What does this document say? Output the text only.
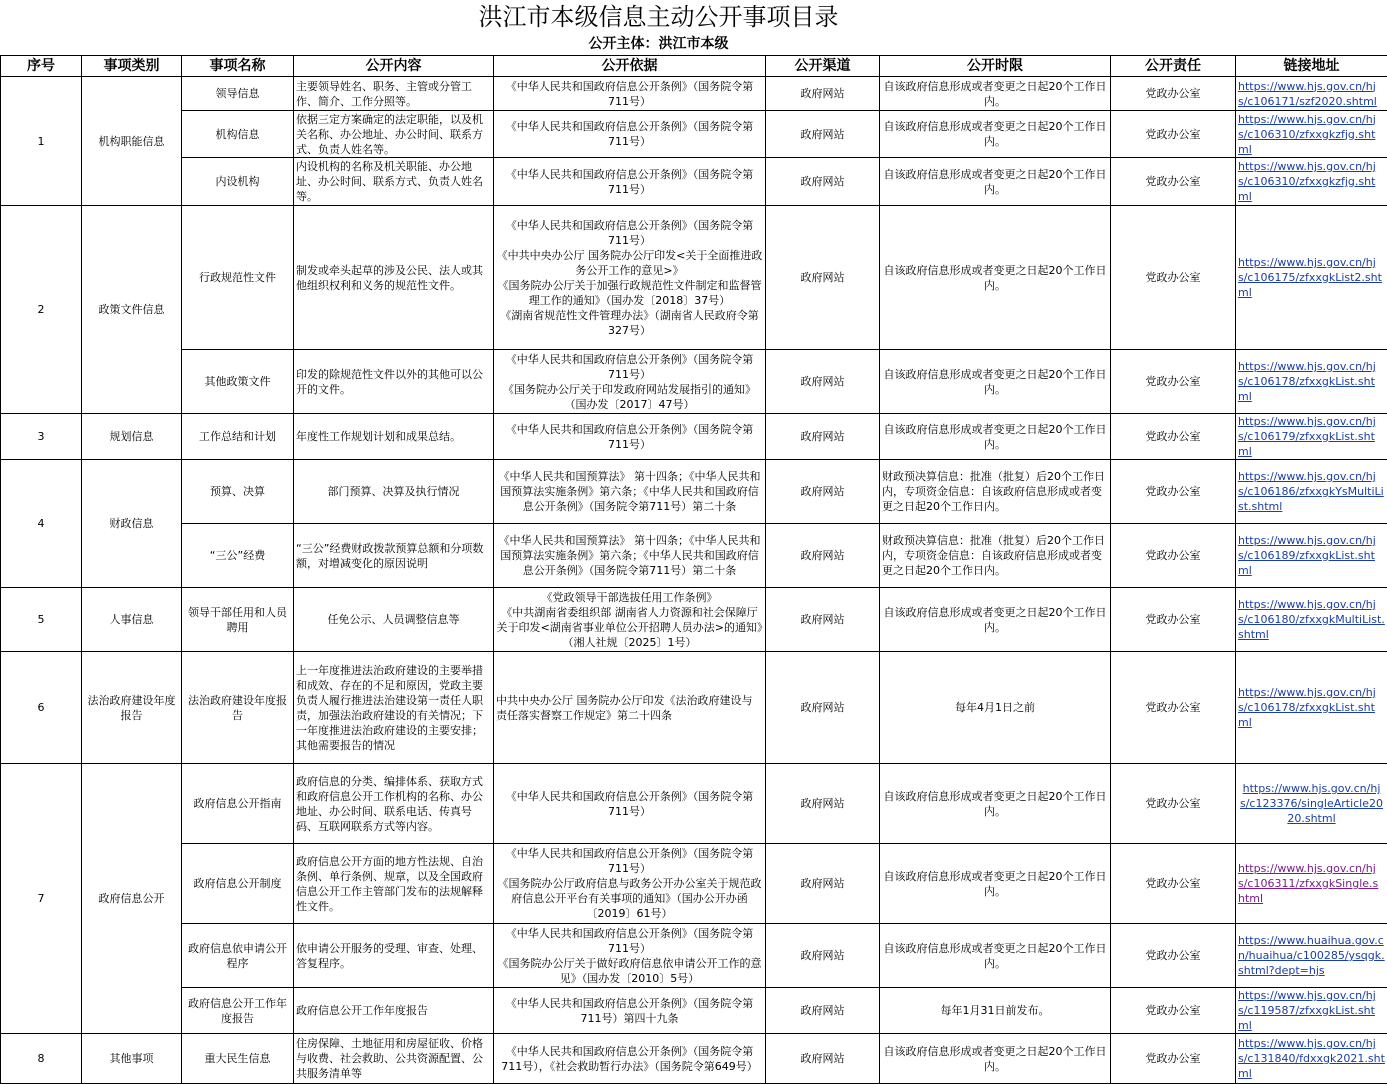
洪江市本级信息主动公开事项目录
公开主体：洪江市本级
序号	事项类别	事项名称	公开内容	公开依据	公开渠道	公开时限	公开责任	链接地址
1	机构职能信息	领导信息	主要领导姓名、职务、主管或分管工作、简介、工作分照等。	《中华人民共和国政府信息公开条例》（国务院令第711号）	政府网站	自该政府信息形成或者变更之日起20个工作日内。	党政办公室	https://www.hjs.gov.cn/hjs/c106171/szf2020.shtml
		机构信息	依据三定方案确定的法定职能，以及机关名称、办公地址、办公时间、联系方式、负责人姓名等。	《中华人民共和国政府信息公开条例》（国务院令第711号）	政府网站	自该政府信息形成或者变更之日起20个工作日内。	党政办公室	https://www.hjs.gov.cn/hjs/c106310/zfxxgkzfjg.shtml
		内设机构	内设机构的名称及机关职能、办公地址、办公时间、联系方式、负责人姓名等。	《中华人民共和国政府信息公开条例》（国务院令第711号）	政府网站	自该政府信息形成或者变更之日起20个工作日内。	党政办公室	https://www.hjs.gov.cn/hjs/c106310/zfxxgkzfjg.shtml
2	政策文件信息	行政规范性文件	制发或牵头起草的涉及公民、法人或其他组织权利和义务的规范性文件。	《中华人民共和国政府信息公开条例》（国务院令第711号）
《中共中央办公厅 国务院办公厅印发<关于全面推进政务公开工作的意见>》
《国务院办公厅关于加强行政规范性文件制定和监督管理工作的通知》（国办发〔2018〕37号）
《湖南省规范性文件管理办法》（湖南省人民政府令第327号）	政府网站	自该政府信息形成或者变更之日起20个工作日内。	党政办公室	https://www.hjs.gov.cn/hjs/c106175/zfxxgkList2.shtml
		其他政策文件	印发的除规范性文件以外的其他可以公开的文件。	《中华人民共和国政府信息公开条例》（国务院令第711号）
《国务院办公厅关于印发政府网站发展指引的通知》（国办发〔2017〕47号）	政府网站	自该政府信息形成或者变更之日起20个工作日内。	党政办公室	https://www.hjs.gov.cn/hjs/c106178/zfxxgkList.shtml
3	规划信息	工作总结和计划	年度性工作规划计划和成果总结。	《中华人民共和国政府信息公开条例》（国务院令第711号）	政府网站	自该政府信息形成或者变更之日起20个工作日内。	党政办公室	https://www.hjs.gov.cn/hjs/c106179/zfxxgkList.shtml
4	财政信息	预算、决算	部门预算、决算及执行情况	《中华人民共和国预算法》 第十四条；《中华人民共和国预算法实施条例》第六条；《中华人民共和国政府信息公开条例》（国务院令第711号）第二十条	政府网站	财政预决算信息：批准（批复）后20个工作日内，专项资金信息：自该政府信息形成或者变更之日起20个工作日内。	党政办公室	https://www.hjs.gov.cn/hjs/c106186/zfxxgkYsMultiList.shtml
		“三公”经费	“三公”经费财政拨款预算总额和分项数额，对增减变化的原因说明	《中华人民共和国预算法》 第十四条；《中华人民共和国预算法实施条例》第六条；《中华人民共和国政府信息公开条例》（国务院令第711号）第二十条	政府网站	财政预决算信息：批准（批复）后20个工作日内，专项资金信息：自该政府信息形成或者变更之日起20个工作日内。	党政办公室	https://www.hjs.gov.cn/hjs/c106189/zfxxgkList.shtml
5	人事信息	领导干部任用和人员聘用	任免公示、人员调整信息等	《党政领导干部选拔任用工作条例》
《中共湖南省委组织部 湖南省人力资源和社会保障厅关于印发<湖南省事业单位公开招聘人员办法>的通知》（湘人社规〔2025〕1号）	政府网站	自该政府信息形成或者变更之日起20个工作日内。	党政办公室	https://www.hjs.gov.cn/hjs/c106180/zfxxgkMultiList.shtml
6	法治政府建设年度报告	法治政府建设年度报告	上一年度推进法治政府建设的主要举措和成效、存在的不足和原因，党政主要负责人履行推进法治建设第一责任人职责，加强法治政府建设的有关情况；下一年度推进法治政府建设的主要安排；其他需要报告的情况	中共中央办公厅 国务院办公厅印发《法治政府建设与责任落实督察工作规定》第二十四条	政府网站	每年4月1日之前	党政办公室	https://www.hjs.gov.cn/hjs/c106178/zfxxgkList.shtml
7	政府信息公开	政府信息公开指南	政府信息的分类、编排体系、获取方式和政府信息公开工作机构的名称、办公地址、办公时间、联系电话、传真号码、互联网联系方式等内容。	《中华人民共和国政府信息公开条例》（国务院令第711号）	政府网站	自该政府信息形成或者变更之日起20个工作日内。	党政办公室	https://www.hjs.gov.cn/hjs/c123376/singleArticle2020.shtml
		政府信息公开制度	政府信息公开方面的地方性法规、自治条例、单行条例、规章，以及全国政府信息公开工作主管部门发布的法规解释性文件。	《中华人民共和国政府信息公开条例》（国务院令第711号）
《国务院办公厅政府信息与政务公开办公室关于规范政府信息公开平台有关事项的通知》（国办公开办函〔2019〕61号）	政府网站	自该政府信息形成或者变更之日起20个工作日内。	党政办公室	https://www.hjs.gov.cn/hjs/c106311/zfxxgkSingle.shtml
		政府信息依申请公开程序	依申请公开服务的受理、审查、处理、答复程序。	《中华人民共和国政府信息公开条例》（国务院令第711号）
《国务院办公厅关于做好政府信息依申请公开工作的意见》（国办发〔2010〕5号）	政府网站	自该政府信息形成或者变更之日起20个工作日内。	党政办公室	https://www.huaihua.gov.cn/huaihua/c100285/ysqgk.shtml?dept=hjs
		政府信息公开工作年度报告	政府信息公开工作年度报告	《中华人民共和国政府信息公开条例》（国务院令第711号）第四十九条	政府网站	每年1月31日前发布。	党政办公室	https://www.hjs.gov.cn/hjs/c119587/zfxxgkList.shtml
8	其他事项	重大民生信息	住房保障、土地征用和房屋征收、价格与收费、社会救助、公共资源配置、公共服务清单等	《中华人民共和国政府信息公开条例》（国务院令第711号），《社会救助暂行办法》（国务院令第649号）	政府网站	自该政府信息形成或者变更之日起20个工作日内。	党政办公室	https://www.hjs.gov.cn/hjs/c131840/fdxxgk2021.shtml
